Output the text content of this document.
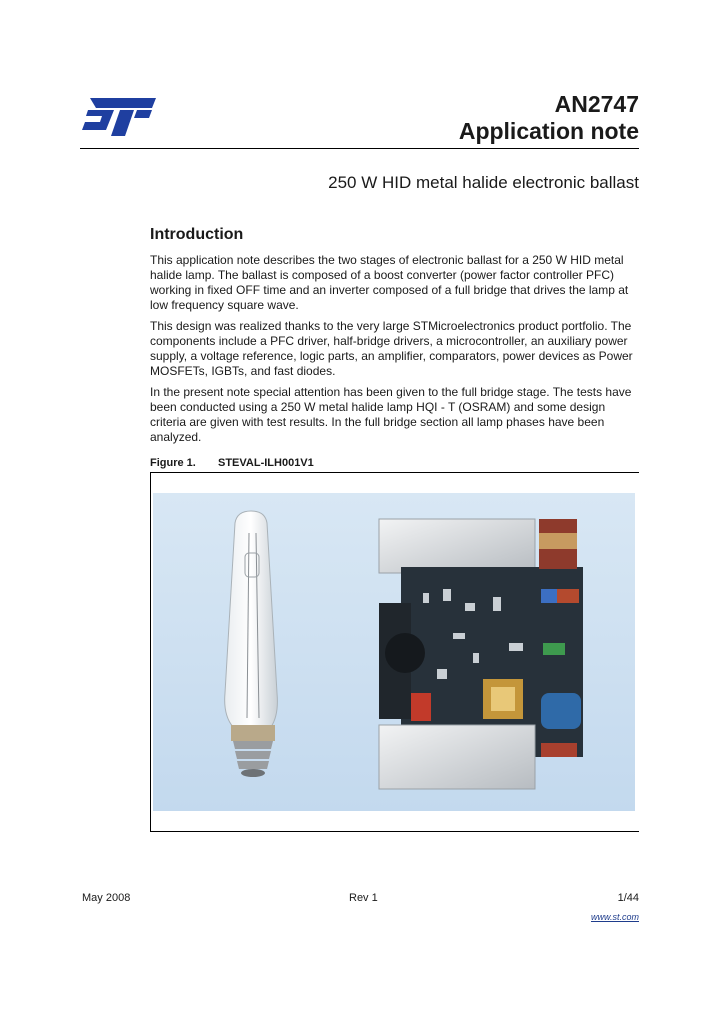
AN2747
Application note
250 W HID metal halide electronic ballast
Introduction

This application note describes the two stages of electronic ballast for a 250 W HID metal halide lamp. The ballast is composed of a boost converter (power factor controller PFC) working in fixed OFF time and an inverter composed of a full bridge that drives the lamp at low frequency square wave.

This design was realized thanks to the very large STMicroelectronics product portfolio. The components include a PFC driver, half-bridge drivers, a microcontroller, an auxiliary power supply, a voltage reference, logic parts, an amplifier, comparators, power devices as Power MOSFETs, IGBTs, and fast diodes.

In the present note special attention has been given to the full bridge stage. The tests have been conducted using a 250 W metal halide lamp HQI - T (OSRAM) and some design criteria are given with test results. In the full bridge section all lamp phases have been analyzed.

Figure 1. STEVAL-ILH001V1
May 2008	Rev 1	1/44
www.st.com
